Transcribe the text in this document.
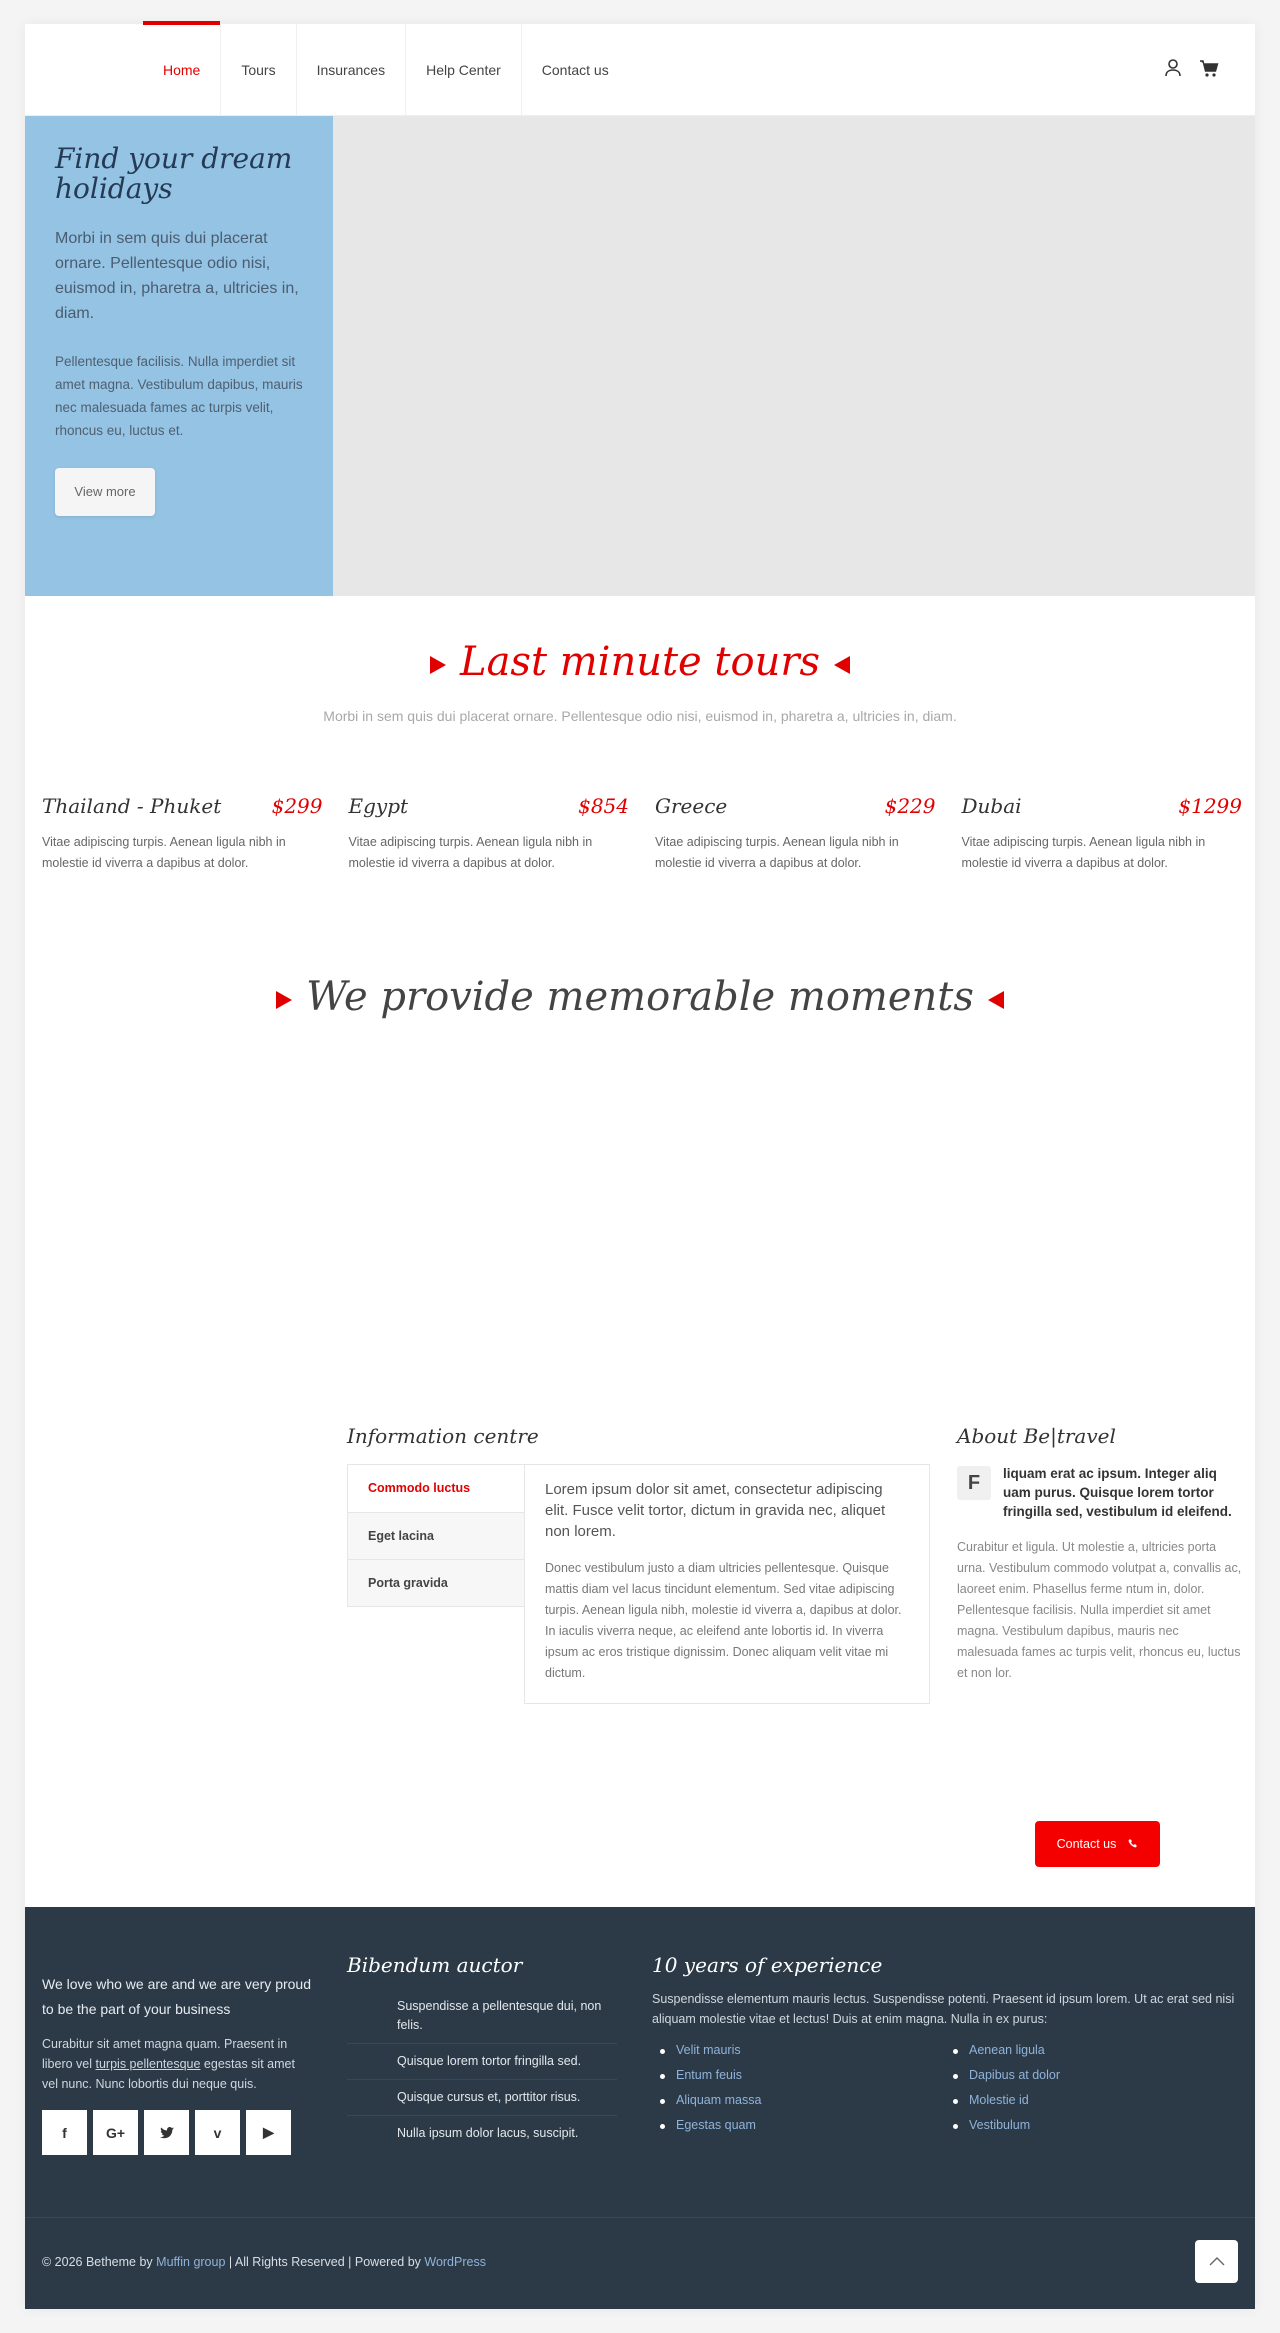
Home	Tours	Insurances	Help Center	Contact us
Find your dream holidays
Morbi in sem quis dui placerat ornare. Pellentesque odio nisi, euismod in, pharetra a, ultricies in, diam.
Pellentesque facilisis. Nulla imperdiet sit amet magna. Vestibulum dapibus, mauris nec malesuada fames ac turpis velit, rhoncus eu, luctus et.
View more
Last minute tours
Morbi in sem quis dui placerat ornare. Pellentesque odio nisi, euismod in, pharetra a, ultricies in, diam.
Thailand - Phuket	$299
Vitae adipiscing turpis. Aenean ligula nibh in molestie id viverra a dapibus at dolor.
Egypt	$854
Vitae adipiscing turpis. Aenean ligula nibh in molestie id viverra a dapibus at dolor.
Greece	$229
Vitae adipiscing turpis. Aenean ligula nibh in molestie id viverra a dapibus at dolor.
Dubai	$1299
Vitae adipiscing turpis. Aenean ligula nibh in molestie id viverra a dapibus at dolor.
We provide memorable moments
Information centre
Commodo luctus
Eget lacina
Porta gravida
Lorem ipsum dolor sit amet, consectetur adipiscing elit. Fusce velit tortor, dictum in gravida nec, aliquet non lorem.
Donec vestibulum justo a diam ultricies pellentesque. Quisque mattis diam vel lacus tincidunt elementum. Sed vitae adipiscing turpis. Aenean ligula nibh, molestie id viverra a, dapibus at dolor. In iaculis viverra neque, ac eleifend ante lobortis id. In viverra ipsum ac eros tristique dignissim. Donec aliquam velit vitae mi dictum.
About Be|travel
F	liquam erat ac ipsum. Integer aliq uam purus. Quisque lorem tortor fringilla sed, vestibulum id eleifend.
Curabitur et ligula. Ut molestie a, ultricies porta urna. Vestibulum commodo volutpat a, convallis ac, laoreet enim. Phasellus ferme ntum in, dolor. Pellentesque facilisis. Nulla imperdiet sit amet magna. Vestibulum dapibus, mauris nec malesuada fames ac turpis velit, rhoncus eu, luctus et non lor.
Contact us
We love who we are and we are very proud to be the part of your business
Curabitur sit amet magna quam. Praesent in libero vel turpis pellentesque egestas sit amet vel nunc. Nunc lobortis dui neque quis.
f	G+	v	▶
Bibendum auctor
Suspendisse a pellentesque dui, non felis.
Quisque lorem tortor fringilla sed.
Quisque cursus et, porttitor risus.
Nulla ipsum dolor lacus, suscipit.
10 years of experience
Suspendisse elementum mauris lectus. Suspendisse potenti. Praesent id ipsum lorem. Ut ac erat sed nisi aliquam molestie vitae et lectus! Duis at enim magna. Nulla in ex purus:
Velit mauris	Aenean ligula
Entum feuis	Dapibus at dolor
Aliquam massa	Molestie id
Egestas quam	Vestibulum
© 2026 Betheme by Muffin group | All Rights Reserved | Powered by WordPress
